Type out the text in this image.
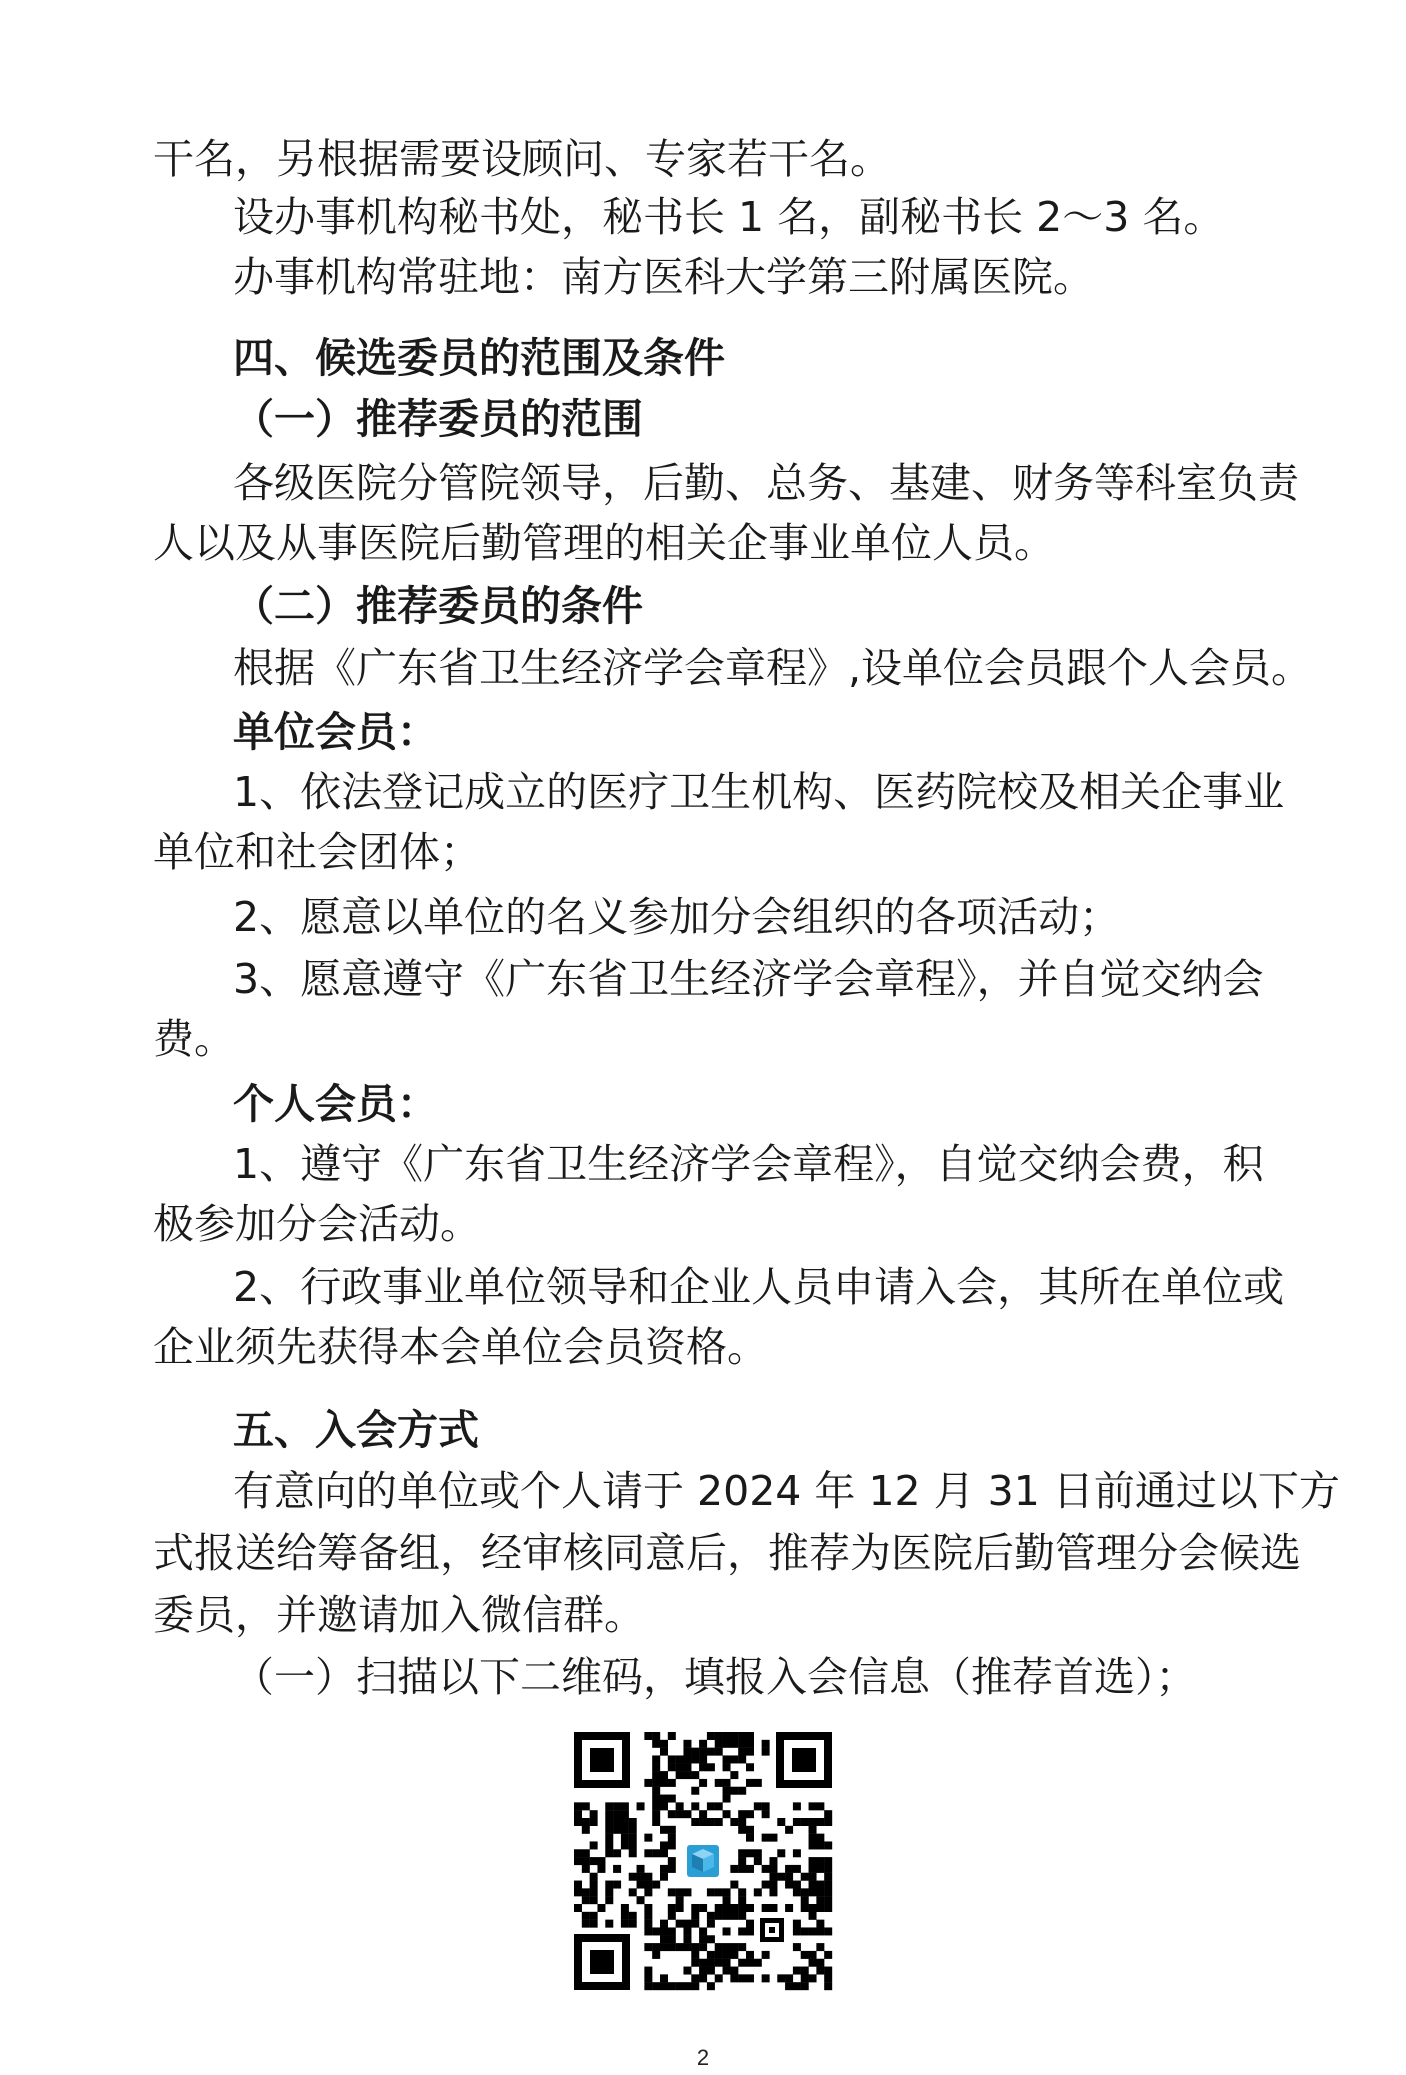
干名，另根据需要设顾问、专家若干名。
设办事机构秘书处，秘书长 1 名，副秘书长 2～3 名。
办事机构常驻地：南方医科大学第三附属医院。
四、候选委员的范围及条件
（一）推荐委员的范围
各级医院分管院领导，后勤、总务、基建、财务等科室负责
人以及从事医院后勤管理的相关企事业单位人员。
（二）推荐委员的条件
根据《广东省卫生经济学会章程》,设单位会员跟个人会员。
单位会员：
1、依法登记成立的医疗卫生机构、医药院校及相关企事业
单位和社会团体；
2、愿意以单位的名义参加分会组织的各项活动；
3、愿意遵守《广东省卫生经济学会章程》，并自觉交纳会
费。
个人会员：
1、遵守《广东省卫生经济学会章程》，自觉交纳会费，积
极参加分会活动。
2、行政事业单位领导和企业人员申请入会，其所在单位或
企业须先获得本会单位会员资格。
五、入会方式
有意向的单位或个人请于 2024 年 12 月 31 日前通过以下方
式报送给筹备组，经审核同意后，推荐为医院后勤管理分会候选
委员，并邀请加入微信群。
（一）扫描以下二维码，填报入会信息（推荐首选）；
2
